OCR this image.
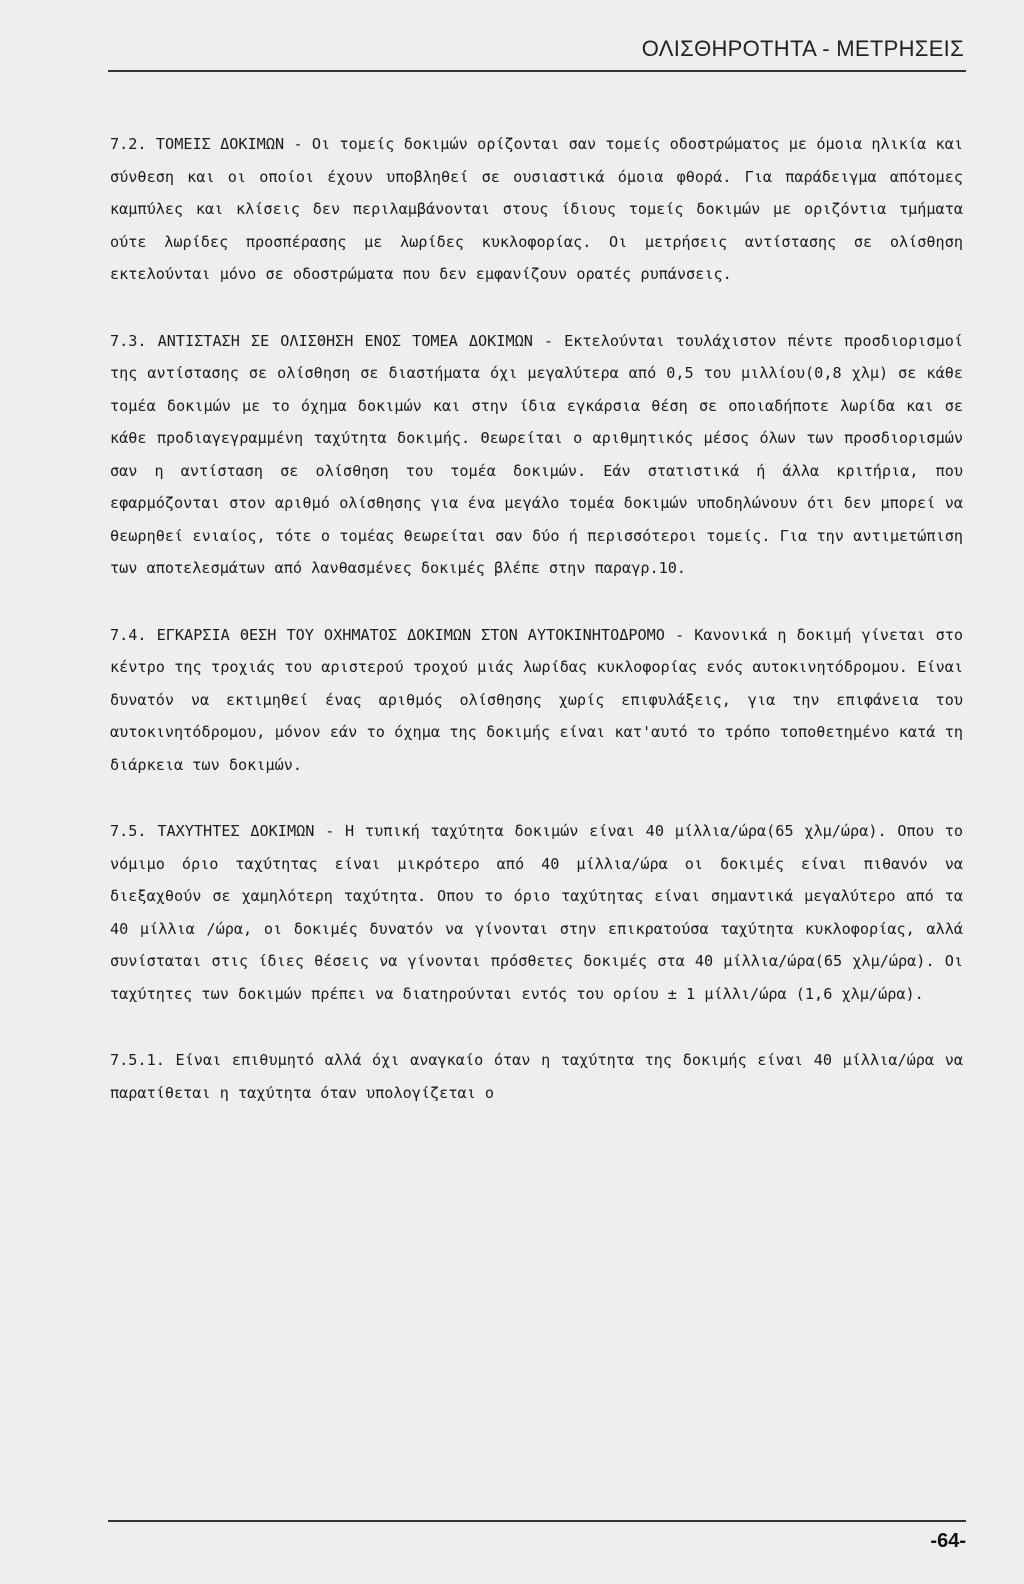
ΟΛΙΣΘΗΡΟΤΗΤΑ - ΜΕΤΡΗΣΕΙΣ

7.2. ΤΟΜΕΙΣ ΔΟΚΙΜΩΝ - Οι τομείς δοκιμών ορίζονται σαν τομείς οδοστρώματος με όμοια ηλικία και σύνθεση και οι οποίοι έχουν υποβληθεί σε ουσιαστικά όμοια φθορά. Για παράδειγμα απότομες καμπύλες και κλίσεις δεν περιλαμβάνονται στους ίδιους τομείς δοκιμών με οριζόντια τμήματα ούτε λωρίδες προσπέρασης με λωρίδες κυκλοφορίας. Οι μετρήσεις αντίστασης σε ολίσθηση εκτελούνται μόνο σε οδοστρώματα που δεν εμφανίζουν ορατές ρυπάνσεις.

7.3. ΑΝΤΙΣΤΑΣΗ ΣΕ ΟΛΙΣΘΗΣΗ ΕΝΟΣ ΤΟΜΕΑ ΔΟΚΙΜΩΝ - Εκτελούνται τουλάχιστον πέντε προσδιορισμοί της αντίστασης σε ολίσθηση σε διαστήματα όχι μεγαλύτερα από 0,5 του μιλλίου(0,8 χλμ) σε κάθε τομέα δοκιμών με το όχημα δοκιμών και στην ίδια εγκάρσια θέση σε οποιαδήποτε λωρίδα και σε κάθε προδιαγεγραμμένη ταχύτητα δοκιμής. Θεωρείται ο αριθμητικός μέσος όλων των προσδιορισμών σαν η αντίσταση σε ολίσθηση του τομέα δοκιμών. Εάν στατιστικά ή άλλα κριτήρια, που εφαρμόζονται στον αριθμό ολίσθησης για ένα μεγάλο τομέα δοκιμών υποδηλώνουν ότι δεν μπορεί να θεωρηθεί ενιαίος, τότε ο τομέας θεωρείται σαν δύο ή περισσότεροι τομείς. Για την αντιμετώπιση των αποτελεσμάτων από λανθασμένες δοκιμές βλέπε στην παραγρ.10.

7.4. ΕΓΚΑΡΣΙΑ ΘΕΣΗ ΤΟΥ ΟΧΗΜΑΤΟΣ ΔΟΚΙΜΩΝ ΣΤΟΝ ΑΥΤΟΚΙΝΗΤΟΔΡΟΜΟ - Κανονικά η δοκιμή γίνεται στο κέντρο της τροχιάς του αριστερού τροχού μιάς λωρίδας κυκλοφορίας ενός αυτοκινητόδρομου. Είναι δυνατόν να εκτιμηθεί ένας αριθμός ολίσθησης χωρίς επιφυλάξεις, για την επιφάνεια του αυτοκινητόδρομου, μόνον εάν το όχημα της δοκιμής είναι κατ'αυτό το τρόπο τοποθετημένο κατά τη διάρκεια των δοκιμών.

7.5. ΤΑΧΥΤΗΤΕΣ ΔΟΚΙΜΩΝ - Η τυπική ταχύτητα δοκιμών είναι 40 μίλλια/ώρα(65 χλμ/ώρα). Οπου το νόμιμο όριο ταχύτητας είναι μικρότερο από 40 μίλλια/ώρα οι δοκιμές είναι πιθανόν να διεξαχθούν σε χαμηλότερη ταχύτητα. Οπου το όριο ταχύτητας είναι σημαντικά μεγαλύτερο από τα 40 μίλλια /ώρα, οι δοκιμές δυνατόν να γίνονται στην επικρατούσα ταχύτητα κυκλοφορίας, αλλά συνίσταται στις ίδιες θέσεις να γίνονται πρόσθετες δοκιμές στα 40 μίλλια/ώρα(65 χλμ/ώρα). Οι ταχύτητες των δοκιμών πρέπει να διατηρούνται εντός του ορίου ± 1 μίλλι/ώρα (1,6 χλμ/ώρα).

7.5.1. Είναι επιθυμητό αλλά όχι αναγκαίο όταν η ταχύτητα της δοκιμής είναι 40 μίλλια/ώρα να παρατίθεται η ταχύτητα όταν υπολογίζεται ο

-64-
